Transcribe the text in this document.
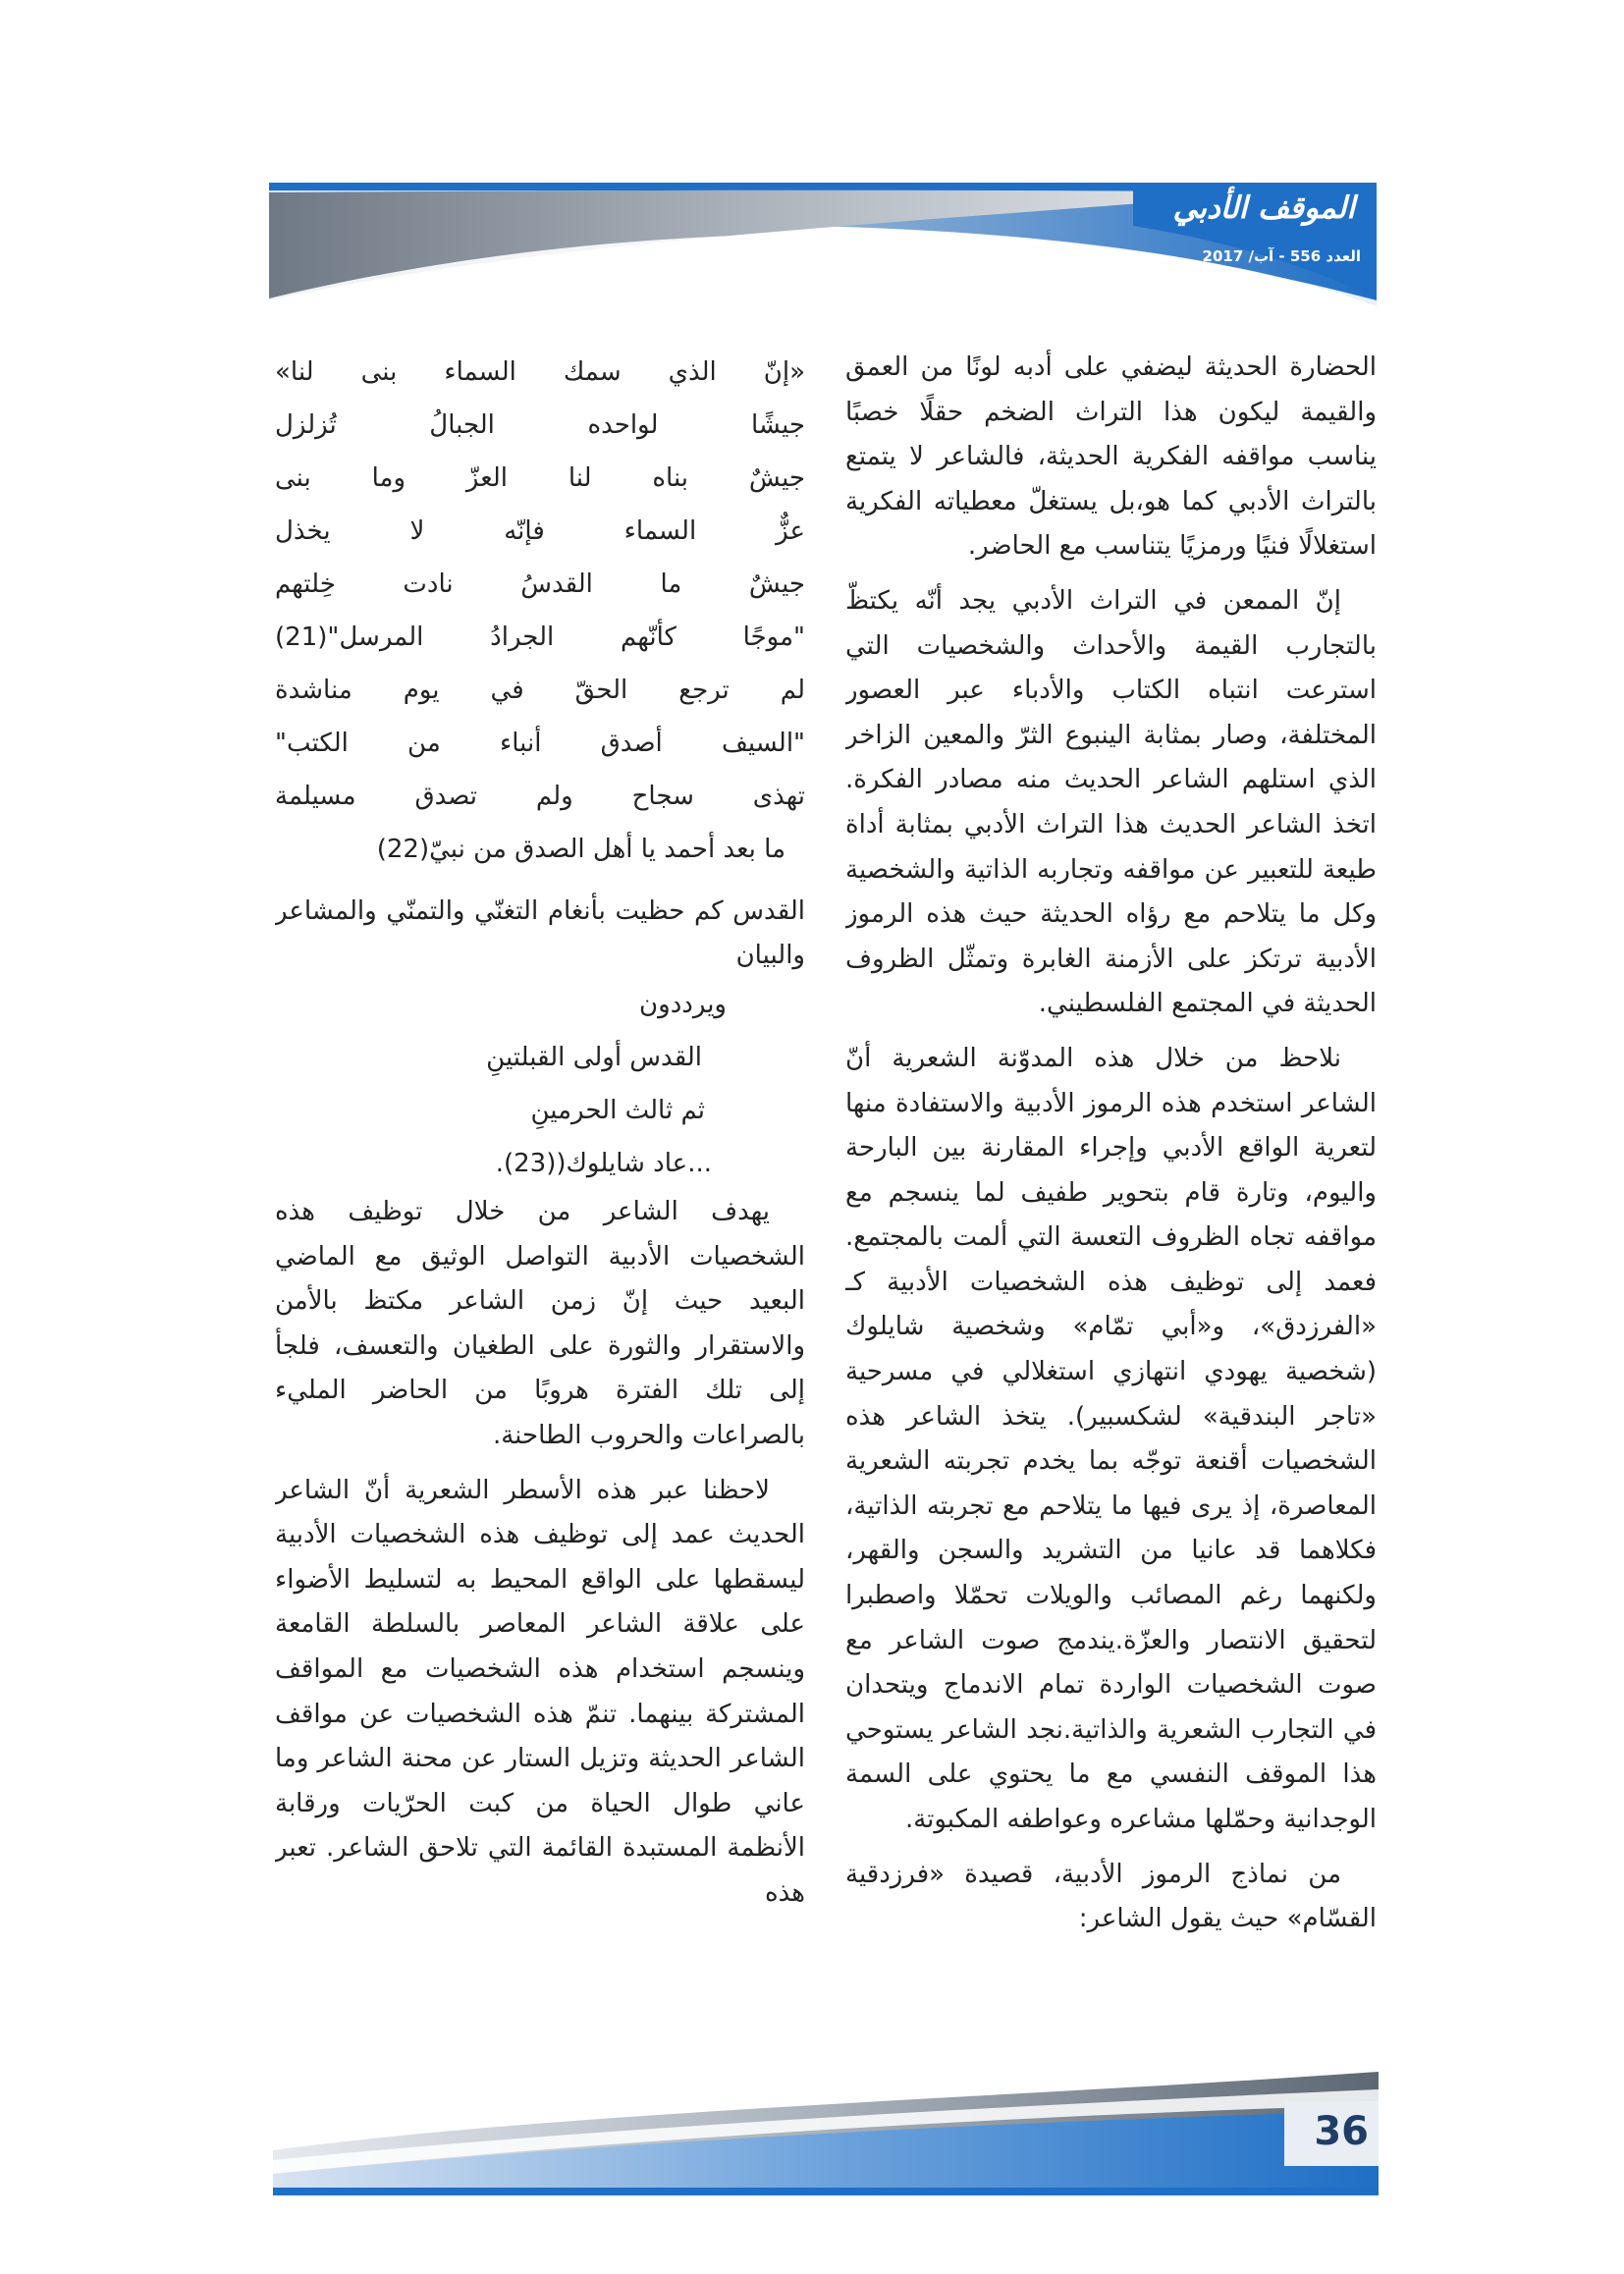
الموقف الأدبي
العدد 556 - آب/ 2017

الحضارة الحديثة ليضفي على أدبه لونًا من العمق والقيمة ليكون هذا التراث الضخم حقلًا خصبًا يناسب مواقفه الفكرية الحديثة، فالشاعر لا يتمتع بالتراث الأدبي كما هو،بل يستغلّ معطياته الفكرية استغلالًا فنيًا ورمزيًا يتناسب مع الحاضر.

إنّ الممعن في التراث الأدبي يجد أنّه يكتظّ بالتجارب القيمة والأحداث والشخصيات التي استرعت انتباه الكتاب والأدباء عبر العصور المختلفة، وصار بمثابة الينبوع الثرّ والمعين الزاخر الذي استلهم الشاعر الحديث منه مصادر الفكرة. اتخذ الشاعر الحديث هذا التراث الأدبي بمثابة أداة طيعة للتعبير عن مواقفه وتجاربه الذاتية والشخصية وكل ما يتلاحم مع رؤاه الحديثة حيث هذه الرموز الأدبية ترتكز على الأزمنة الغابرة وتمثّل الظروف الحديثة في المجتمع الفلسطيني.

نلاحظ من خلال هذه المدوّنة الشعرية أنّ الشاعر استخدم هذه الرموز الأدبية والاستفادة منها لتعرية الواقع الأدبي وإجراء المقارنة بين البارحة واليوم، وتارة قام بتحوير طفيف لما ينسجم مع مواقفه تجاه الظروف التعسة التي ألمت بالمجتمع. فعمد إلى توظيف هذه الشخصيات الأدبية كـ «الفرزدق»، و«أبي تمّام» وشخصية شايلوك (شخصية يهودي انتهازي استغلالي في مسرحية «تاجر البندقية» لشكسبير). يتخذ الشاعر هذه الشخصيات أقنعة توجّه بما يخدم تجربته الشعرية المعاصرة، إذ يرى فيها ما يتلاحم مع تجربته الذاتية، فكلاهما قد عانيا من التشريد والسجن والقهر، ولكنهما رغم المصائب والويلات تحمّلا واصطبرا لتحقيق الانتصار والعزّة.يندمج صوت الشاعر مع صوت الشخصيات الواردة تمام الاندماج ويتحدان في التجارب الشعرية والذاتية.نجد الشاعر يستوحي هذا الموقف النفسي مع ما يحتوي على السمة الوجدانية وحمّلها مشاعره وعواطفه المكبوتة.

من نماذج الرموز الأدبية، قصيدة «فرزدقية القسّام» حيث يقول الشاعر:

«إنّ الذي سمك السماء بنى لنا»
جيشًا لواحده الجبالُ تُزلزل
جيشٌ بناه لنا العزّ وما بنى
عزٌّ السماء فإنّه لا يخذل
جيشٌ ما القدسُ نادت خِلتهم
"موجًا كأنّهم الجرادُ المرسل"(21)
لم ترجع الحقّ في يوم مناشدة
"السيف أصدق أنباء من الكتب"
تهذى سجاح ولم تصدق مسيلمة
ما بعد أحمد يا أهل الصدق من نبيّ(22)
القدس كم حظيت بأنغام التغنّي والتمنّي والمشاعر والبيان
ويرددون
القدس أولى القبلتينِ
ثم ثالث الحرمينِ
...عاد شايلوك((23).

يهدف الشاعر من خلال توظيف هذه الشخصيات الأدبية التواصل الوثيق مع الماضي البعيد حيث إنّ زمن الشاعر مكتظ بالأمن والاستقرار والثورة على الطغيان والتعسف، فلجأ إلى تلك الفترة هروبًا من الحاضر المليء بالصراعات والحروب الطاحنة.

لاحظنا عبر هذه الأسطر الشعرية أنّ الشاعر الحديث عمد إلى توظيف هذه الشخصيات الأدبية ليسقطها على الواقع المحيط به لتسليط الأضواء على علاقة الشاعر المعاصر بالسلطة القامعة وينسجم استخدام هذه الشخصيات مع المواقف المشتركة بينهما. تنمّ هذه الشخصيات عن مواقف الشاعر الحديثة وتزيل الستار عن محنة الشاعر وما عاني طوال الحياة من كبت الحرّيات ورقابة الأنظمة المستبدة القائمة التي تلاحق الشاعر. تعبر هذه

36
